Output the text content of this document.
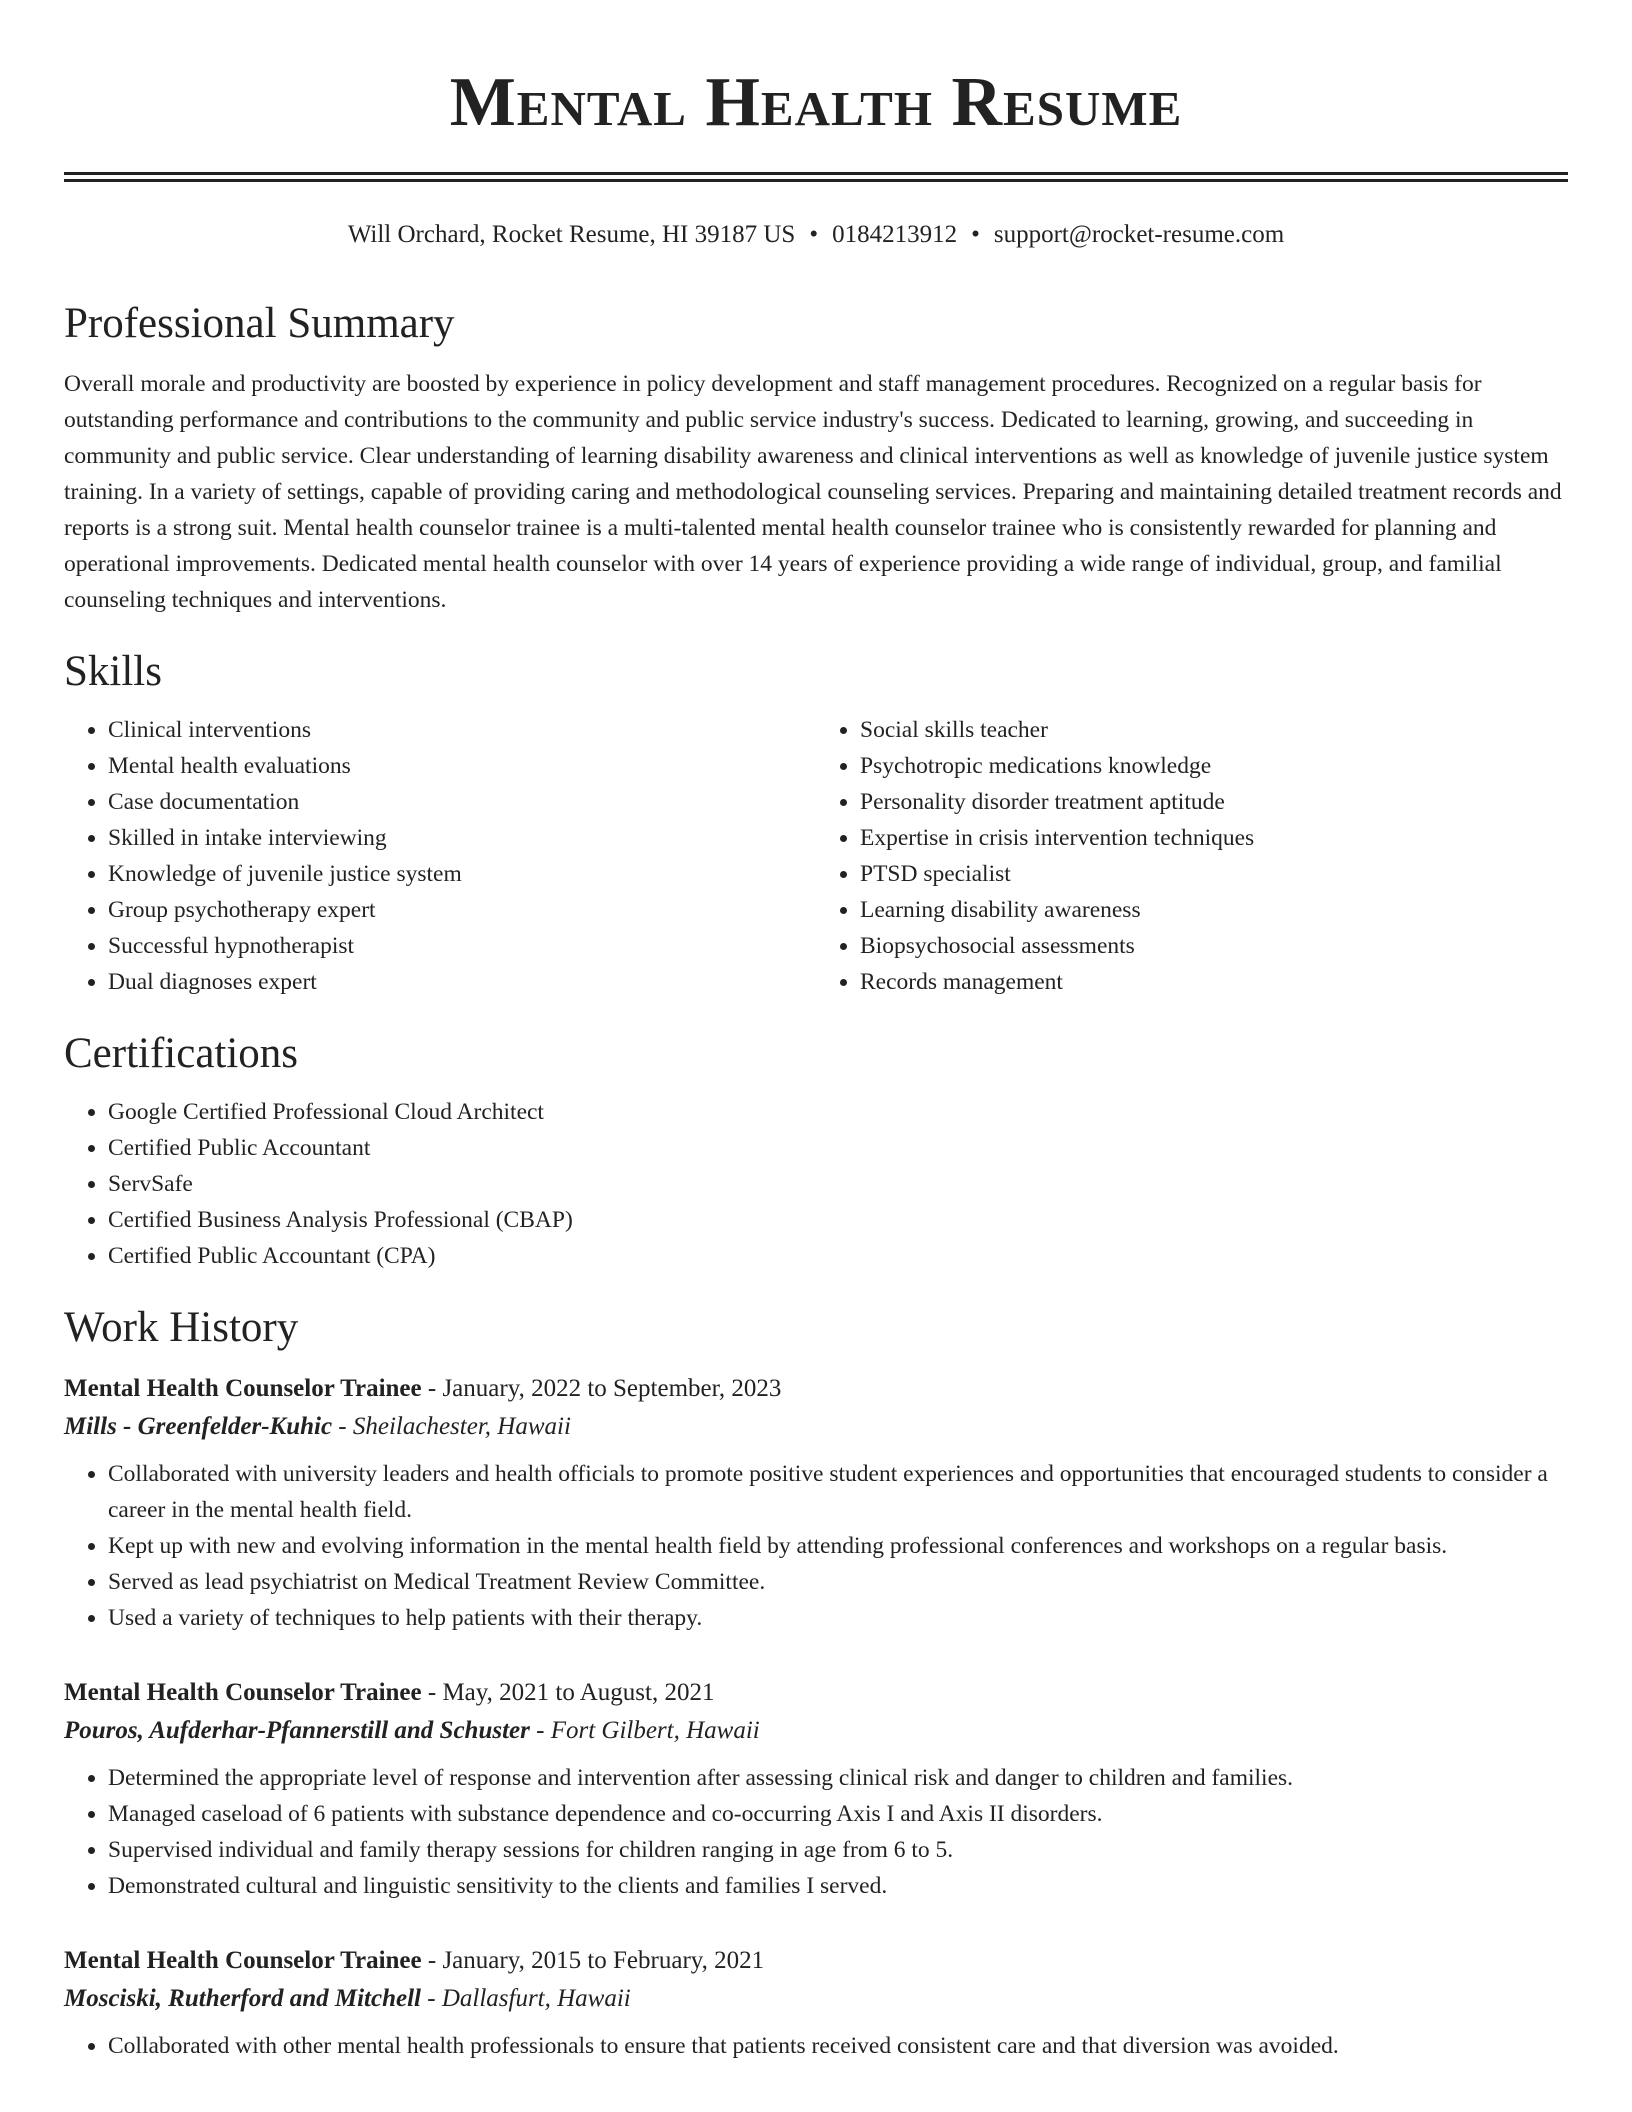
Mental Health Resume
Will Orchard, Rocket Resume, HI 39187 US • 0184213912 • support@rocket-resume.com
Professional Summary

Overall morale and productivity are boosted by experience in policy development and staff management procedures. Recognized on a regular basis for outstanding performance and contributions to the community and public service industry's success. Dedicated to learning, growing, and succeeding in community and public service. Clear understanding of learning disability awareness and clinical interventions as well as knowledge of juvenile justice system training. In a variety of settings, capable of providing caring and methodological counseling services. Preparing and maintaining detailed treatment records and reports is a strong suit. Mental health counselor trainee is a multi-talented mental health counselor trainee who is consistently rewarded for planning and operational improvements. Dedicated mental health counselor with over 14 years of experience providing a wide range of individual, group, and familial counseling techniques and interventions.

Skills
• Clinical interventions
• Mental health evaluations
• Case documentation
• Skilled in intake interviewing
• Knowledge of juvenile justice system
• Group psychotherapy expert
• Successful hypnotherapist
• Dual diagnoses expert
• Social skills teacher
• Psychotropic medications knowledge
• Personality disorder treatment aptitude
• Expertise in crisis intervention techniques
• PTSD specialist
• Learning disability awareness
• Biopsychosocial assessments
• Records management
Certifications
• Google Certified Professional Cloud Architect
• Certified Public Accountant
• ServSafe
• Certified Business Analysis Professional (CBAP)
• Certified Public Accountant (CPA)
Work History
Mental Health Counselor Trainee - January, 2022 to September, 2023
Mills - Greenfelder-Kuhic - Sheilachester, Hawaii
• Collaborated with university leaders and health officials to promote positive student experiences and opportunities that encouraged students to consider a career in the mental health field.
• Kept up with new and evolving information in the mental health field by attending professional conferences and workshops on a regular basis.
• Served as lead psychiatrist on Medical Treatment Review Committee.
• Used a variety of techniques to help patients with their therapy.
Mental Health Counselor Trainee - May, 2021 to August, 2021
Pouros, Aufderhar-Pfannerstill and Schuster - Fort Gilbert, Hawaii
• Determined the appropriate level of response and intervention after assessing clinical risk and danger to children and families.
• Managed caseload of 6 patients with substance dependence and co-occurring Axis I and Axis II disorders.
• Supervised individual and family therapy sessions for children ranging in age from 6 to 5.
• Demonstrated cultural and linguistic sensitivity to the clients and families I served.
Mental Health Counselor Trainee - January, 2015 to February, 2021
Mosciski, Rutherford and Mitchell - Dallasfurt, Hawaii
• Collaborated with other mental health professionals to ensure that patients received consistent care and that diversion was avoided.
